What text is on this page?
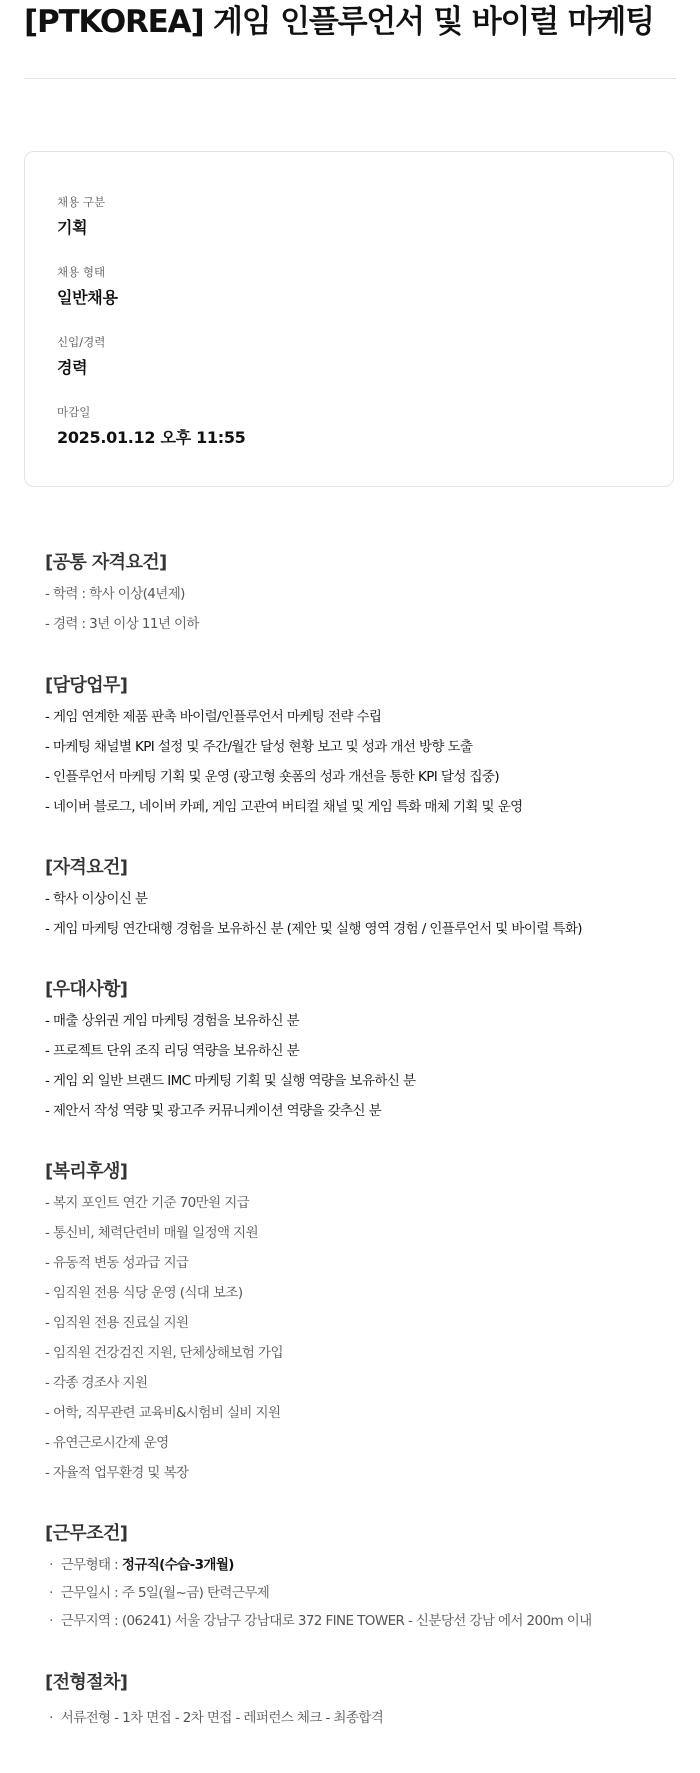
[PTKOREA] 게임 인플루언서 및 바이럴 마케팅
채용 구분
기획
채용 형태
일반채용
신입/경력
경력
마감일
2025.01.12 오후 11:55
[공통 자격요건]
- 학력 : 학사 이상(4년제)
- 경력 : 3년 이상 11년 이하
[담당업무]
- 게임 연계한 제품 판촉 바이럴/인플루언서 마케팅 전략 수립
- 마케팅 채널별 KPI 설정 및 주간/월간 달성 현황 보고 및 성과 개선 방향 도출
- 인플루언서 마케팅 기획 및 운영 (광고형 숏폼의 성과 개선을 통한 KPI 달성 집중)
- 네이버 블로그, 네이버 카페, 게임 고관여 버티컬 채널 및 게임 특화 매체 기획 및 운영
[자격요건]
- 학사 이상이신 분
- 게임 마케팅 연간대행 경험을 보유하신 분 (제안 및 실행 영역 경험 / 인플루언서 및 바이럴 특화)
[우대사항]
- 매출 상위권 게임 마케팅 경험을 보유하신 분
- 프로젝트 단위 조직 리딩 역량을 보유하신 분
- 게임 외 일반 브랜드 IMC 마케팅 기획 및 실행 역량을 보유하신 분
- 제안서 작성 역량 및 광고주 커뮤니케이션 역량을 갖추신 분
[복리후생]
- 복지 포인트 연간 기준 70만원 지급
- 통신비, 체력단련비 매월 일정액 지원
- 유동적 변동 성과급 지급
- 임직원 전용 식당 운영 (식대 보조)
- 임직원 전용 진료실 지원
- 임직원 건강검진 지원, 단체상해보험 가입
- 각종 경조사 지원
- 어학, 직무관련 교육비&시험비 실비 지원
- 유연근로시간제 운영
- 자율적 업무환경 및 복장
[근무조건]
· 근무형태 : 정규직(수습-3개월)
· 근무일시 : 주 5일(월~금) 탄력근무제
· 근무지역 : (06241) 서울 강남구 강남대로 372 FINE TOWER - 신분당선 강남 에서 200m 이내
[전형절차]
· 서류전형 - 1차 면접 - 2차 면접 - 레퍼런스 체크 - 최종합격
